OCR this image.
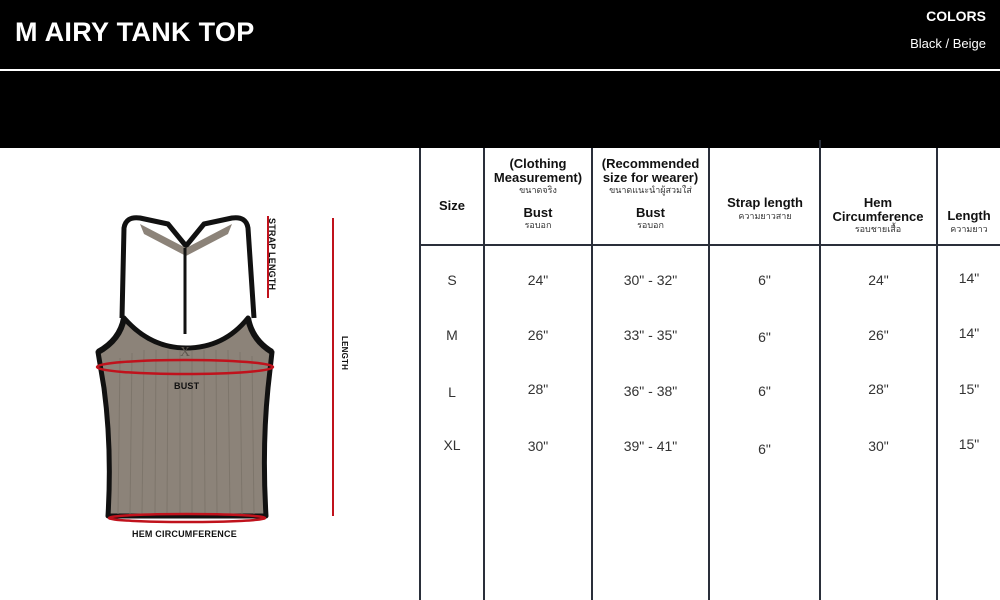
M AIRY TANK TOP
COLORS
Black / Beige
X
BUST
HEM CIRCUMFERENCE
STRAP LENGTH
LENGTH
Size
(Clothing Measurement)
ขนาดจริง
Bust
รอบอก
(Recommended size for wearer)
ขนาดแนะนำผู้สวมใส่
Bust
รอบอก
Strap length
ความยาวสาย
Hem Circumference
รอบชายเสื้อ
Length
ความยาว
S	24"	30" - 32"	6"	24"	14"
M	26"	33" - 35"	6"	26"	14"
L	28"	36" - 38"	6"	28"	15"
XL	30"	39" - 41"	6"	30"	15"
